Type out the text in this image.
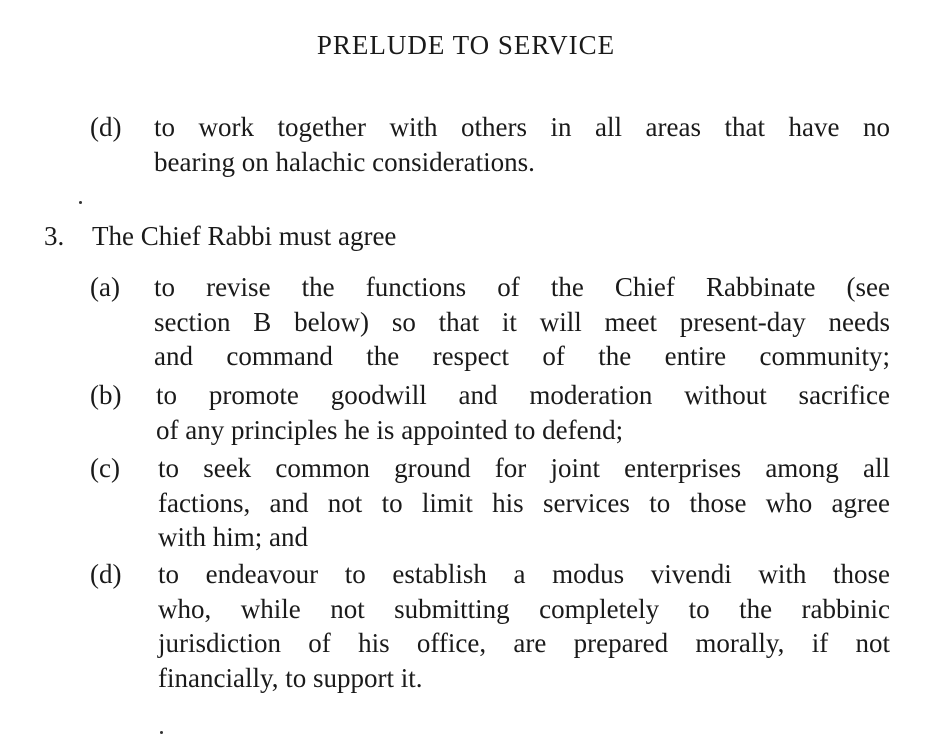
PRELUDE TO SERVICE
(d) to work together with others in all areas that have no
bearing on halachic considerations.
3. The Chief Rabbi must agree
(a) to revise the functions of the Chief Rabbinate (see
section B below) so that it will meet present-day needs
and command the respect of the entire community;
(b) to promote goodwill and moderation without sacrifice
of any principles he is appointed to defend;
(c) to seek common ground for joint enterprises among all
factions, and not to limit his services to those who agree
with him; and
(d) to endeavour to establish a modus vivendi with those
who, while not submitting completely to the rabbinic
jurisdiction of his office, are prepared morally, if not
financially, to support it.
